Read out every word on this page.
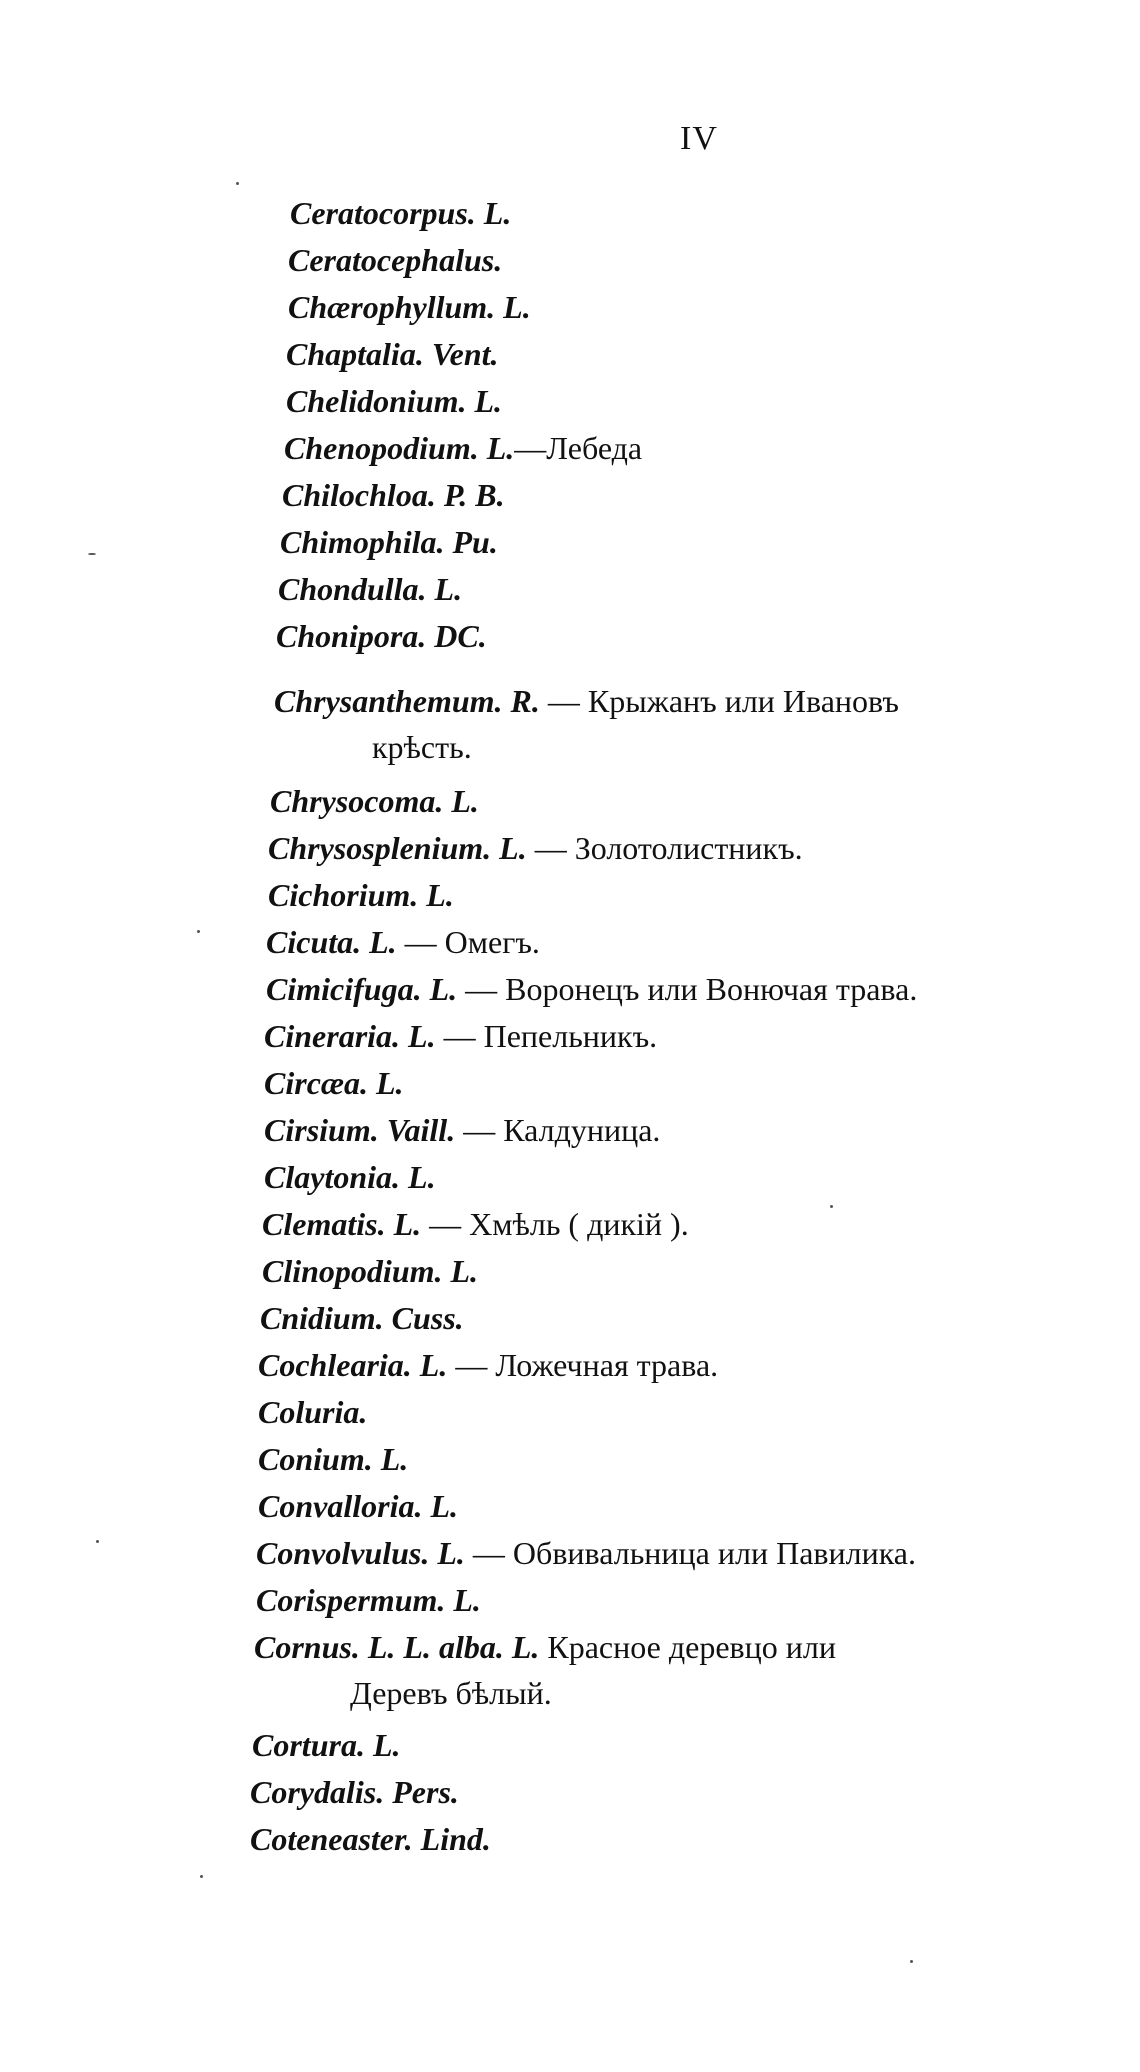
IV
Ceratocorpus. L.
Ceratocephalus.
Chærophyllum. L.
Chaptalia. Vent.
Chelidonium. L.
Chenopodium. L.—Лебеда
Chilochloa. P. B.
Chimophila. Pu.
Chondulla. L.
Chonipora. DC.
Chrysanthemum. R. — Крыжанъ или Ивановъ
крѣсть.
Chrysocoma. L.
Chrysosplenium. L. — Золотолистникъ.
Cichorium. L.
Cicuta. L. — Омегъ.
Cimicifuga. L. — Воронецъ или Вонючая трава.
Cineraria. L. — Пепельникъ.
Circæa. L.
Cirsium. Vaill. — Калдуница.
Claytonia. L.
Clematis. L. — Хмѣль ( дикій ).
Clinopodium. L.
Cnidium. Cuss.
Cochlearia. L. — Ложечная трава.
Coluria.
Conium. L.
Convalloria. L.
Convolvulus. L. — Обвивальница или Павилика.
Corispermum. L.
Cornus. L. L. alba. L. Красное деревцо или
Деревъ бѣлый.
Cortura. L.
Corydalis. Pers.
Coteneaster. Lind.
